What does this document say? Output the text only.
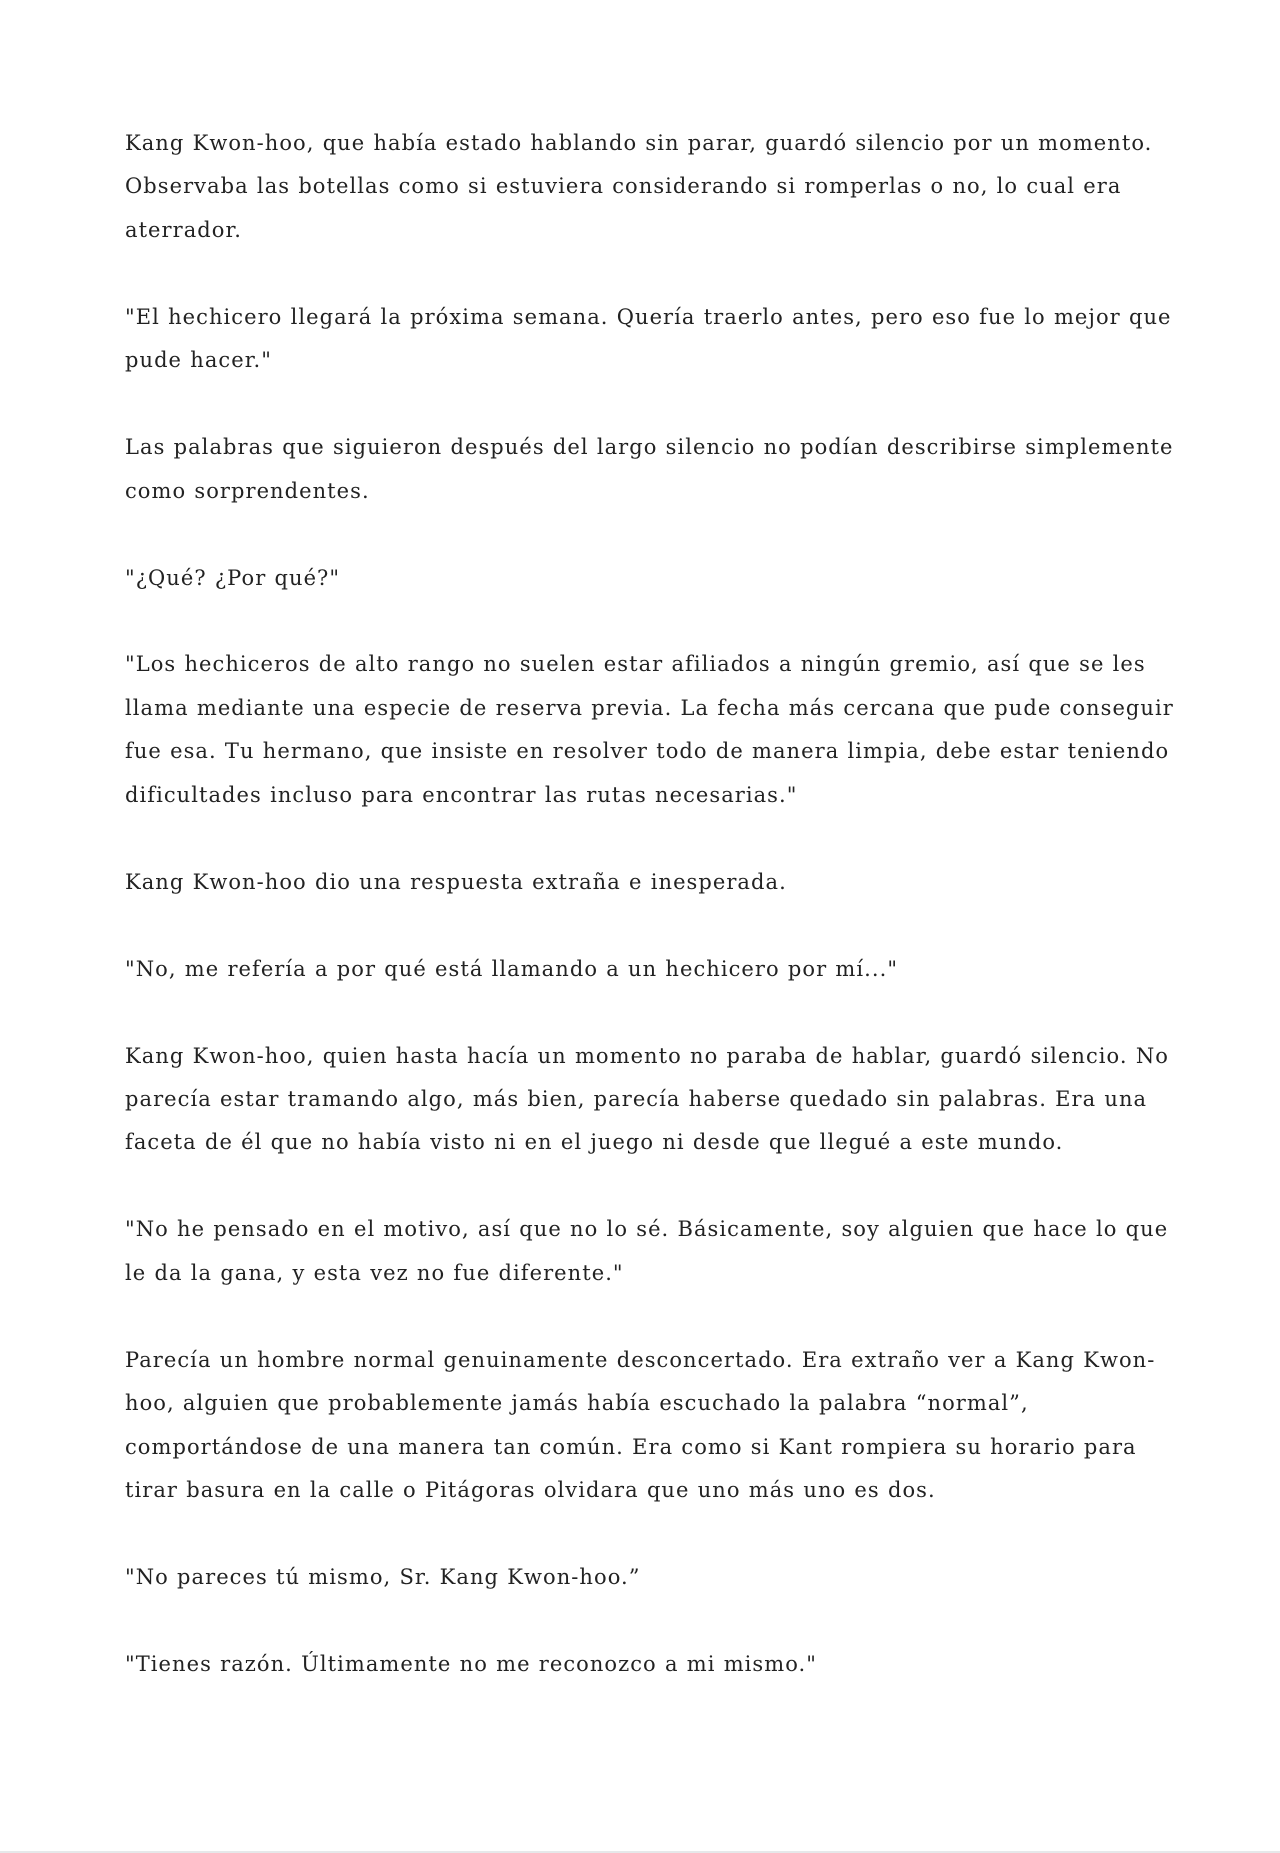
Kang Kwon-hoo, que había estado hablando sin parar, guardó silencio por un momento.
Observaba las botellas como si estuviera considerando si romperlas o no, lo cual era
aterrador.

"El hechicero llegará la próxima semana. Quería traerlo antes, pero eso fue lo mejor que
pude hacer."

Las palabras que siguieron después del largo silencio no podían describirse simplemente
como sorprendentes.

"¿Qué? ¿Por qué?"

"Los hechiceros de alto rango no suelen estar afiliados a ningún gremio, así que se les
llama mediante una especie de reserva previa. La fecha más cercana que pude conseguir
fue esa. Tu hermano, que insiste en resolver todo de manera limpia, debe estar teniendo
dificultades incluso para encontrar las rutas necesarias."

Kang Kwon-hoo dio una respuesta extraña e inesperada.

"No, me refería a por qué está llamando a un hechicero por mí..."

Kang Kwon-hoo, quien hasta hacía un momento no paraba de hablar, guardó silencio. No
parecía estar tramando algo, más bien, parecía haberse quedado sin palabras. Era una
faceta de él que no había visto ni en el juego ni desde que llegué a este mundo.

"No he pensado en el motivo, así que no lo sé. Básicamente, soy alguien que hace lo que
le da la gana, y esta vez no fue diferente."

Parecía un hombre normal genuinamente desconcertado. Era extraño ver a Kang Kwon-
hoo, alguien que probablemente jamás había escuchado la palabra “normal”,
comportándose de una manera tan común. Era como si Kant rompiera su horario para
tirar basura en la calle o Pitágoras olvidara que uno más uno es dos.

"No pareces tú mismo, Sr. Kang Kwon-hoo.”

"Tienes razón. Últimamente no me reconozco a mi mismo."
